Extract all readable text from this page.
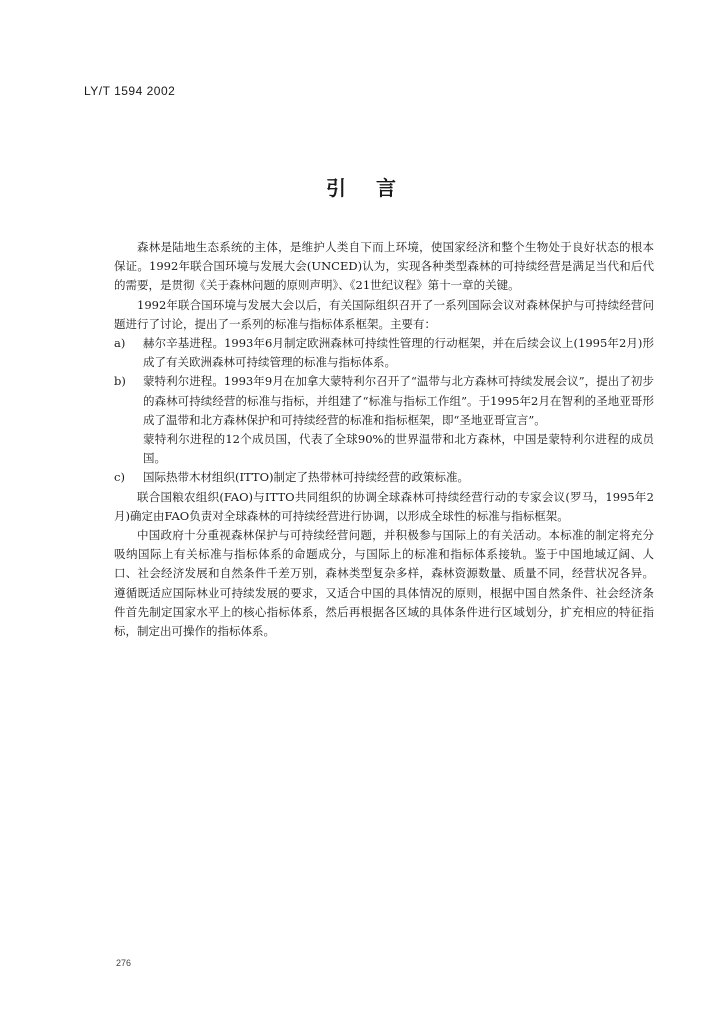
LY/T 1594 2002
引言

森林是陆地生态系统的主体，是维护人类自下而上环境，使国家经济和整个生物处于良好状态的根本保证。1992年联合国环境与发展大会(UNCED)认为，实现各种类型森林的可持续经营是满足当代和后代的需要，是贯彻《关于森林问题的原则声明》、《21世纪议程》第十一章的关键。

1992年联合国环境与发展大会以后，有关国际组织召开了一系列国际会议对森林保护与可持续经营问题进行了讨论，提出了一系列的标准与指标体系框架。主要有：

a)	赫尔辛基进程。1993年6月制定欧洲森林可持续性管理的行动框架，并在后续会议上(1995年2月)形成了有关欧洲森林可持续管理的标准与指标体系。

b)	蒙特利尔进程。1993年9月在加拿大蒙特利尔召开了“温带与北方森林可持续发展会议”，提出了初步的森林可持续经营的标准与指标，并组建了“标准与指标工作组”。于1995年2月在智利的圣地亚哥形成了温带和北方森林保护和可持续经营的标准和指标框架，即“圣地亚哥宣言”。

蒙特利尔进程的12个成员国，代表了全球90%的世界温带和北方森林，中国是蒙特利尔进程的成员国。

c)	国际热带木材组织(ITTO)制定了热带林可持续经营的政策标准。

联合国粮农组织(FAO)与ITTO共同组织的协调全球森林可持续经营行动的专家会议(罗马，1995年2月)确定由FAO负责对全球森林的可持续经营进行协调，以形成全球性的标准与指标框架。

中国政府十分重视森林保护与可持续经营问题，并积极参与国际上的有关活动。本标准的制定将充分吸纳国际上有关标准与指标体系的命题成分，与国际上的标准和指标体系接轨。鉴于中国地域辽阔、人口、社会经济发展和自然条件千差万别，森林类型复杂多样，森林资源数量、质量不同，经营状况各异。遵循既适应国际林业可持续发展的要求，又适合中国的具体情况的原则，根据中国自然条件、社会经济条件首先制定国家水平上的核心指标体系，然后再根据各区域的具体条件进行区域划分，扩充相应的特征指标，制定出可操作的指标体系。

276
